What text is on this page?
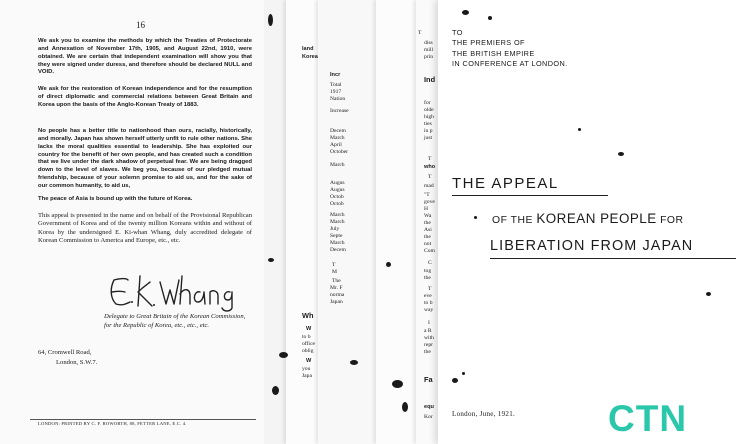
16
We ask you to examine the methods by which the Treaties of Protectorate and Annexation of November 17th, 1905, and August 22nd, 1910, were obtained. We are certain that independent examination will show you that they were signed under duress, and therefore should be declared NULL and VOID.
We ask for the restoration of Korean independence and for the resumption of direct diplomatic and commercial relations between Great Britain and Korea upon the basis of the Anglo-Korean Treaty of 1883.
No people has a better title to nationhood than ours, racially, historically, and morally. Japan has shown herself utterly unfit to rule other nations. She lacks the moral qualities essential to leadership. She has exploited our country for the benefit of her own people, and has created such a condition that we live under the dark shadow of perpetual fear. We are being dragged down to the level of slaves. We beg you, because of our pledged mutual friendship, because of your solemn promise to aid us, and for the sake of our common humanity, to aid us,
The peace of Asia is bound up with the future of Korea.
This appeal is presented in the name and on behalf of the Provisional Republican Government of Korea and of the twenty million Koreans within and without of Korea by the undersigned E. Ki-whan Whang, duly accredited delegate of Korean Commission to America and Europe, etc., etc.
Delegate to Great Britain of the Korean Commission, for the Republic of Korea, etc., etc., etc.
64, Cromwell Road,
London, S.W.7.
LONDON: PRINTED BY C. F. ROWORTH, 88, FETTER LANE, E.C. 4.
land
Korea
Incr
Total
1917
Nation
Increase
Decem
March
April
October
March
Augus
Augus
Octob
Octob
March
March
July
Septe
March
Decem
T
M
The
Mr. F
norma
Japan
Wh
W
to b
office
oblig
W
you
Japa
T
diss
mill
prin
Ind
for
olde
high
ties
in p
just
T
who
T
mad
"T
gove
H
Wa
the
Asi
the
not
Com
C
tog
the
T
eve
to b
way
I
a R
with
repr
the
Fa
equ
Kor
TO
THE PREMIERS OF
THE BRITISH EMPIRE
IN CONFERENCE AT LONDON.
THE APPEAL
OF THE KOREAN PEOPLE FOR
LIBERATION FROM JAPAN
London, June, 1921.	CTN
